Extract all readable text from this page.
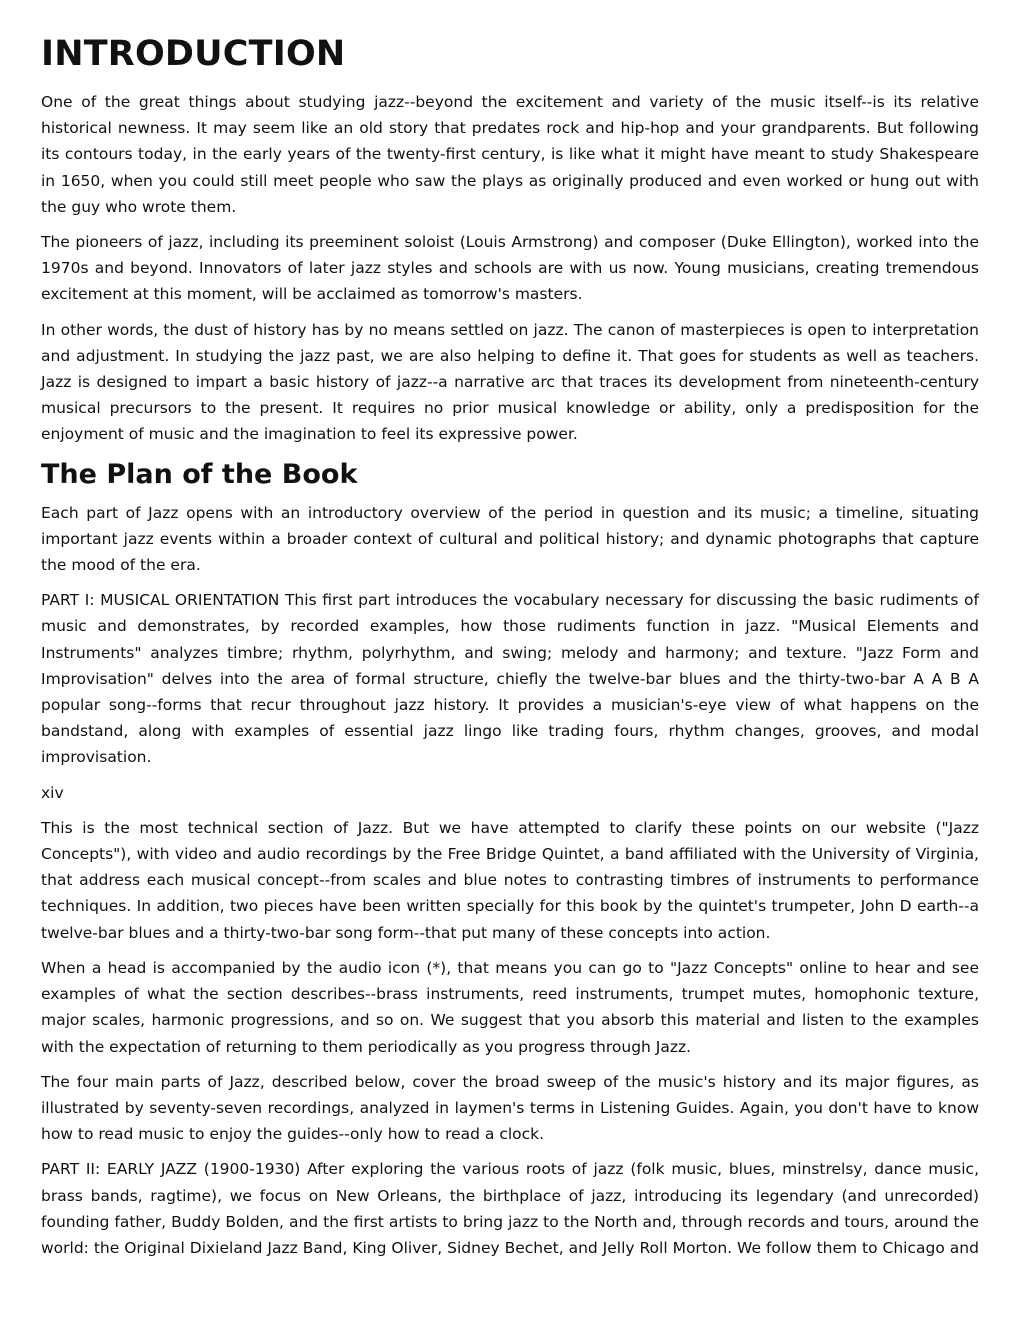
INTRODUCTION

One of the great things about studying jazz--beyond the excitement and variety of the music itself--is its relative historical newness. It may seem like an old story that predates rock and hip-hop and your grandparents. But following its contours today, in the early years of the twenty-first century, is like what it might have meant to study Shakespeare in 1650, when you could still meet people who saw the plays as originally produced and even worked or hung out with the guy who wrote them.

The pioneers of jazz, including its preeminent soloist (Louis Armstrong) and composer (Duke Ellington), worked into the 1970s and beyond. Innovators of later jazz styles and schools are with us now. Young musicians, creating tremendous excitement at this moment, will be acclaimed as tomorrow's masters.

In other words, the dust of history has by no means settled on jazz. The canon of masterpieces is open to interpretation and adjustment. In studying the jazz past, we are also helping to define it. That goes for students as well as teachers. Jazz is designed to impart a basic history of jazz--a narrative arc that traces its development from nineteenth-century musical precursors to the present. It requires no prior musical knowledge or ability, only a predisposition for the enjoyment of music and the imagination to feel its expressive power.

The Plan of the Book

Each part of Jazz opens with an introductory overview of the period in question and its music; a timeline, situating important jazz events within a broader context of cultural and political history; and dynamic photographs that capture the mood of the era.

PART I: MUSICAL ORIENTATION This first part introduces the vocabulary necessary for discussing the basic rudiments of music and demonstrates, by recorded examples, how those rudiments function in jazz. "Musical Elements and Instruments" analyzes timbre; rhythm, polyrhythm, and swing; melody and harmony; and texture. "Jazz Form and Improvisation" delves into the area of formal structure, chiefly the twelve-bar blues and the thirty-two-bar A A B A popular song--forms that recur throughout jazz history. It provides a musician's-eye view of what happens on the bandstand, along with examples of essential jazz lingo like trading fours, rhythm changes, grooves, and modal improvisation.

xiv

This is the most technical section of Jazz. But we have attempted to clarify these points on our website ("Jazz Concepts"), with video and audio recordings by the Free Bridge Quintet, a band affiliated with the University of Virginia, that address each musical concept--from scales and blue notes to contrasting timbres of instruments to performance techniques. In addition, two pieces have been written specially for this book by the quintet's trumpeter, John D earth--a twelve-bar blues and a thirty-two-bar song form--that put many of these concepts into action.

When a head is accompanied by the audio icon (*), that means you can go to "Jazz Concepts" online to hear and see examples of what the section describes--brass instruments, reed instruments, trumpet mutes, homophonic texture, major scales, harmonic progressions, and so on. We suggest that you absorb this material and listen to the examples with the expectation of returning to them periodically as you progress through Jazz.

The four main parts of Jazz, described below, cover the broad sweep of the music's history and its major figures, as illustrated by seventy-seven recordings, analyzed in laymen's terms in Listening Guides. Again, you don't have to know how to read music to enjoy the guides--only how to read a clock.

PART II: EARLY JAZZ (1900-1930) After exploring the various roots of jazz (folk music, blues, minstrelsy, dance music, brass bands, ragtime), we focus on New Orleans, the birthplace of jazz, introducing its legendary (and unrecorded) founding father, Buddy Bolden, and the first artists to bring jazz to the North and, through records and tours, around the world: the Original Dixieland Jazz Band, King Oliver, Sidney Bechet, and Jelly Roll Morton. We follow them to Chicago and
